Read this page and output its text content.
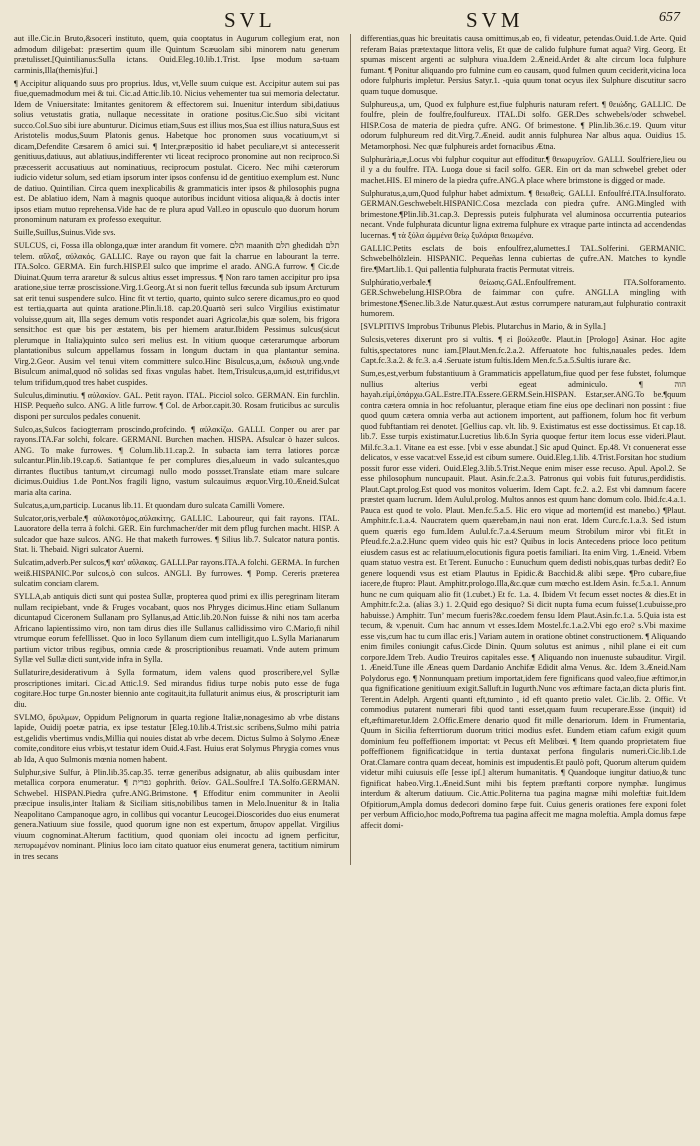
SVL	SVM	657

aut ille.Cic.in Bruto,&socerì instituto, quem, quia cooptatus in Augurum collegium erat, non admodum diligebat: præsertim quum ille Quintum Scæuolam sibi minorem natu generum prætulisset.[Quintilianus:Sulla ictans. Ouid.Eleg.10.lib.1.Trist. Ipse modum sa-tuam carminis,Illa(themis)fui.]

¶ Accipitur aliquando suus pro proprius. Idus, vt,Velle suum cuique est. Accipitur autem sui pas fiue,quemadmodum mei & tui. Cic.ad Attic.lib.10. Nicius vehementer tua sui memoria delectatur. Idem de Vniuersitate: Imitantes genitorem & effectorem sui. Inuenitur interdum sibi,datiuus solius vetustatis gratia, nullaque necessitate in oratione positus.Cic.Suo sibi vicitant succo.Col.Suo sibi iure abunturur. Dicimus etiam,Suus est illius mos,Sua est illius natura,Suus est Aristotelis modus,Suum Platonis genus. Habetque hoc pronomen suus vocatiuum,vt si dicam,Defendite Cæsarem ô amici sui. ¶ Inter,præpositio id habet peculiare,vt si antecesserit genitiuus,datiuus, aut ablatiuus,indifferenter vti liceat reciproco pronomine aut non reciproco.Si præcesserit accusatiuus aut nominatiuus, reciprocum postulat. Cicero. Nec mihi cæterorum iudicio videtur solum, sed etiam ipsorum inter ipsos confensu id de gentitiuo exemplum est. Nunc de datiuo. Quintilian. Circa quem inexplicabilis & grammaticis inter ipsos & philosophis pugna est. De ablatiuo idem, Nam à magnis quoque autoribus incidunt vitiosa aliqua,& à doctis inter ipsos etiam mutuo reprehensa.Vide hac de re plura apud Vall.eo in opusculo quo duorum horum pronominum naturam ex professo exequitur.

Suille,Suillus,Suinus.Vide svs.

SULCUS, ci, Fossa illa oblonga,quæ inter arandum fit vomere. תלם maanith תלם ghedidah תלם telem. αὔλαξ, αὐλακός. GALLIC. Raye ou rayon que fait la charrue en labourant la terre. ITA.Solco. GERMA. Ein furch.HISP.El sulco que imprime el arado. ANG.A furrow. ¶ Cic.de Diuinat.Quum terra araretur & sulcus altius esset impressus. ¶ Non raro tamen accipitur pro ipsa aratione,siue terræ proscissione.Virg.1.Georg.At si non fuerit tellus fœcunda sub ipsum Arcturum sat erit tenui suspendere sulco. Hinc fit vt tertio, quarto, quinto sulco serere dicamus,pro eo quod est tertia,quarta aut quinta aratione.Plin.li.18. cap.20.Quartò seri sulco Virgilius existimatur voluisse,quum ait, Illa seges demum votis respondet auari Agricolæ,bis quæ solem, bis frigora sensit:hoc est quæ bis per æstatem, bis per hiemem aratur.Ibidem Pessimus sulcus(sicut plerumque in Italia)quinto sulco seri melius est. In vitium quoque cæterarumque arborum plantationibus sulcum appellamus fossam in longum ductam in qua plantantur semina. Virg.2.Geor. Ausim vel tenui vitem committere sulco.Hinc Bisulcus,a,um, ἐκδισυλ ung.vnde Bisulcum animal,quod nō solidas sed fixas vngulas habet. Item,Trisulcus,a,um,id est,trifidus,vt telum trifidum,quod tres habet cuspides.

Sulculus,diminutiu. ¶ αὐλακίον. GAL. Petit rayon. ITAL. Picciol solco. GERMAN. Ein furchlin. HISP. Pequeño sulco. ANG. A litle furrow. ¶ Col. de Arbor.capit.30. Rosam fruticibus ac surculis disponi per surculos pedales conuenit.

Sulco,as,Sulcos faciogterram proscindo,profcindo. ¶ αὐλακίζω. GALLI. Conper ou arer par rayons.ITA.Far solchi, folcare. GERMANI. Burchen machen. HISPA. Afsulcar ò hazer sulcos. ANG. To make furrowes. ¶ Colum.lib.11.cap.2. In subacta iam terra latiores porcæ sulcantur.Plin.lib.19.cap.6. Satiantque fe per complures dies,alueum in vado sulcantes,quo dirrantes fluctibus tantum,vt circumagi nullo modo possset.Translate etiam mare sulcare dicimus.Ouidius 1.de Pont.Nos fragili ligno, vastum sulcauimus æquor.Virg.10.Æneid.Sulcat maria alta carina.

Sulcatus,a,um,particip. Lucanus lib.11. Et quondam duro sulcata Camilli Vomere.

Sulcator,oris,verbale.¶ αὐλακοτὁμος,αὐλακίτης. GALLIC. Laboureur, qui fait rayons. ITAL. Lauoratore della terra à folchi. GER. Ein furchmacher/der mit dem pflug furchen macht. HISP. A sulcador que haze sulcos. ANG. He that maketh furrowes. ¶ Silius lib.7. Sulcator natura pontis. Stat. li. Thebaid. Nigri sulcator Auerni.

Sulcatim,adverb.Per sulcos,¶ κατ' αὔλακας. GALLI.Par rayons.ITA.A folchi. GERMA. In furchen weiß.HISPANIC.Por sulcos,ò con sulcos. ANGLI. By furrowes. ¶ Pomp. Cereris præterea sulcatim conciam clarem.

SYLLA,ab antiquis dicti sunt qui postea Sullæ, propterea quod primi ex illis peregrinam literam nullam recipiebant, vnde & Fruges vocabant, quos nos Phryges dicimus.Hinc etiam Sullanum dicuntapud Ciceronem Sullanam pro Syllanus,ad Attic.lib.20.Non fuisse & nihi nos tam acerba Africano lapientissimo viro, non tam dirus dies ille Sullanus callidissimo viro C.Mario,fi nihil vtrumque eorum fefelllisset. Quo in loco Syllanum diem cum intelligit,quo L.Sylla Marianarum partium victor tribus regibus, omnia cæde & proscriptionibus reuamati. Vnde autem primum Syllæ vel Sullæ dicti sunt,vide infra in Sylla.

Sullaturire,desiderativum à Sylla formatum, idem valens quod proscribere,vel Syllæ proscriptiones imitari. Cic.ad Attic.l.9. Sed mirandus fidius turpe nobis puto esse de fuga cogitare.Hoc turpe Gn.noster biennio ante cogitauit,ita fullaturit animus eius, & proscripturit iam diu.

SVLMO, ὄρυλμων, Oppidum Pelignorum in quarta regione Italiæ,nonagesimo ab vrbe distans lapide, Ouidij poetæ patria, ex ipse testatur [Eleg.10.lib.4.Trist.sic scribens,Sulmo mihi patria est,gelidis vbertimus vndis,Millia qui nouies distat ab vrbe decem. Dictus Sulmo à Solymo Æneæ comite,conditore eius vrbis,vt testatur idem Ouid.4.Fast. Huius erat Solymus Phrygia comes vnus ab Ida, A quo Sulmonis mœnia nomen habent.

Sulphur,sive Sulfur, à Plin.lib.35.cap.35. terræ generibus adsignatur, ab aliis quibusdam inter metallica corpora enumeratur. ¶ גפרית gophrith. θεῖον. GAL.Soulfre.I TA.Solfo.GERMAN. Schwebel. HISPAN.Piedra çufre.ANG.Brimstone. ¶ Effoditur enim communiter in Aeolii præcipue insulis,inter Italiam & Siciliam sitis,nobilibus tamen in Melo.Inuenitur & in Italia Neapolitano Campanoque agro, in collibus qui vocantur Leucogei.Dioscorides duo eius enumerat genera.Natiuum siue fossile, quod quorum igne non est expertum, ἄπυρον appellat. Virgilius viuum cognominat.Alterum factitium, quod quoniam olei incoctu ad ignem perficitur, πεπυρωμένον nominant. Plinius loco iam citato quatuor eius enumerat genera, tactitium nimirum in tres secans

differentias,quas hic breuitatis causa omittimus,ab eo, fi videatur, petendas.Ouid.1.de Arte. Quid referam Baias prætextaque littora velis, Et quæ de calido fulphure fumat aqua? Virg. Georg. Et spumas miscent argenti ac sulphura viua.Idem 2.Æneid.Ardet & alte circum loca fulphure fumant. ¶ Ponitur aliquando pro fulmine cum eo causam, quod fulmen quum ceciderit,vicina loca odore fulphuris impletur. Persius Satyr.1. -quia quum tonat ocyus ilex Sulphure discutitur sacro quam tuque domusque.

Sulphureus,a, um, Quod ex fulphure est,fiue fulphuris naturam refert. ¶ θειώδης. GALLIC. De foulfre, plein de foulfre,foulfureux. ITAL.Di solfo. GER.Des schwebels/oder schwebel. HISP.Cosa de materia de piedra çufre. ANG. Of brimestone. ¶ Plin.lib.36.c.19. Quum vitur odorum fulphureum red dit.Virg.7.Æneid. audit annis fulphurea Nar albus aqua. Ouidius 15. Metamorphosi. Nec quæ fulphureis ardet fornacibus Ætna.

Sulphurària,æ,Locus vbi fulphur coquitur aut effoditur.¶ θειωρυχεῖον. GALLI. Soulfriere,lieu ou il y a du foulfre. ITA. Luoga doue si facil solfo. GER. Ein ort da man schwebel grebet oder machet.HIS. El minero de la piedra çufre.ANG.A place where brimstone is digged or made.

Sulphuratus,a,um,Quod fulphur habet admixtum. ¶ θειωθεὶς. GALLI. Enfoulfré.ITA.Insulforato. GERMAN.Geschwebelt.HISPANIC.Cosa mezclada con piedra çufre. ANG.Mingled with brimestone.¶Plin.lib.31.cap.3. Depressis puteis fulphurata vel aluminosa occurrentia putearios necant. Vnde fulphurata dicuntur ligna extrema fulphure ex vtraque parte intincta ad accendendas lucernas. ¶ τὰ ξύλα ὠμμένα θείῳ ξυλάρια θειωμένα.

GALLIC.Petits esclats de bois enfoulfrez,alumettes.I TAL.Solferini. GERMANIC. Schwebelhölzlein. HISPANIC. Pequeñas lenna cubiertas de çufre.AN. Matches to kyndle fire.¶Mart.lib.1. Qui pallentia fulphurata fractis Permutat vitreis.

Sulphúratio,verbale.¶ θείωσις.GAL.Enfoulfrement. ITA.Solforamento. GER.Schwebelung.HISP.Obra de faimmar con çufre. ANGLI.A mingling with brimestone.¶Senec.lib.3.de Natur.quæst.Aut æstus corrumpere naturam,aut fulphuratio contraxit humorem.

[SVLPITIVS Improbus Tribunus Plebis. Plutarchus in Mario, & in Sylla.]

Sulcsis,veteres dixerunt pro si vultis. ¶ εἰ βούλεσθε. Plaut.in [Prologo] Asinar. Hoc agite fultis,spectatores nunc iam.[Plaut.Men.fc.2.a.2. Afferuatote hoc fultis,nauales pedes. Idem Capt.fc.3.a.2. & fc.3. a.4 .Seruate istum fultis.Idem Men.fc.5.a.5.Sultis iurare &c.

Sum,es,est,verbum fubstantiuum à Grammaticis appellatum,fiue quod per fese fubstet, folumque nullius alterius verbi egeat adminiculo. ¶ הוה hayah.εἰμί,ὑπάρχω.GAL.Estre.ITA.Essere.GERM.Sein.HISPAN. Estar,ser.ANG.To be.¶quum contra cætera omnia in hoc refoluantur, pleraque etiam fine eius ope declinari non possint : fiue quod quum cætera omnia verba aut actionem importent, aut paffionem, folum hoc fit verbum quod fubftantiam rei denotet. [Gellius cap. vlt. lib. 9. Existimatus est esse doctissimus. Et cap.18. lib.7. Esse turpis existimatur.Lucretius lib.6.In Syria quoque fertur item locus esse videri.Plaut. Mil.fc.3.a.1. Vitane ea est esse. [vbi ν esse abundat.] Sic apud Quinct. Ep.48. Vt conuenerat esse delicatos, ν esse vacat:vel Esse,id est cibum sumere. Ouid.Eleg.1.lib. 4.Trist.Forsitan hoc studium possit furor esse videri. Ouid.Eleg.3.lib.5.Trist.Neque enim miser esse recuso. Apul. Apol.2. Se esse philosophum nuncupauit. Plaut. Asin.fc.2.a.3. Patronus qui vobis fuit futurus,perdidistis. Plaut.Capt.prolog.Est quod vos monitos voluerim. Idem Capt. fc.2. a.2. Est vbi damnum facere præstet quam lucrum. Idem Aulul.prolog. Multos annos est quum hanc domum colo. Ibid.fc.4.a.1. Pauca est quod te volo. Plaut. Men.fc.5.a.5. Hic ero vique ad mortem(id est manebo.) ¶Plaut. Amphitr.fc.1.a.4. Naucratem quem quærebam,in naui non erat. Idem Curc.fc.1.a.3. Sed istum quem quæris ego fum.Idem Aulul.fc.7.a.4.Seruum meum Strobilum miror vbi fit.Et in Pfeud.fc.2.a.2.Hunc quem video quis hic est? Quibus in locis Antecedens prioce loco petitum eiusdem casus est ac relatiuum,elocutionis figura poetis familiari. Ita enim Virg. 1.Æneid. Vrbem quam statuo vestra est. Et Terent. Eunucho : Eunuchum quem dedisti nobis,quas turbas dedit? Eo genere loquendi vsus est etiam Plautus in Epidic.& Bacchid.& alibi sæpe. ¶Pro cubare,fiue iacere,de ftupro: Plaut. Amphitr.prologo.Illa,&c.quæ cum mœcho est.Idem Asin. fc.5.a.1. Annum hunc ne cum quiquam alio fit (1.cubet.) Et fc. 1.a. 4. Ibidem Vt fecum esset noctes & dies.Et in Amphitr.fc.2.a. (alias 3.) 1. 2.Quid ego desiquo? Si dicit nupta fuma ecum fuisse(1.cubuisse,pro habuisse.) Amphitr. Tun’ mecum fueris?&c.coedem fensu Idem Plaut.Asin.fc.1.a. 5.Quia ista est tecum, & v.penuit. Cum hac annum vt esses.Idem Mostel.fc.1.a.2.Vbi ego ero? s.Vbi maxime esse vis,cum hac tu cum illac eris.] Variam autem in oratione obtinet constructionem. ¶ Aliquando enim fimiles coniungit cafus.Cicde Dinin. Quum solutus est animus , nihil plane ei eit cum corpore.Idem Treb. Audio Treuiros capitales esse. ¶ Aliquando non inuenuste subauditur. Virgil. 1. Æneid.Tune ille Æneas quem Dardanio Anchifæ Edidit alma Venus. &c. Idem 3.Æneid.Nam Polydorus ego. ¶ Nonnunquam pretium importat,idem fere fignificans quod valeo,fiue æftimor,in qua fignificatione genitiuum exigit.Salluft.in Iugurth.Nunc vos æftimare facta,an dicta pluris fint. Terent.in Adelph. Argenti quanti eft,tuminto , id eft quanto pretio valet. Cic.lib. 2. Offic. Vt commodius putarent numerari fibi quod tanti esset,quam fuum recuperare.Esse (inquit) id eft,æftimaretur.Idem 2.Offic.Emere denario quod fit mille denariorum. Idem in Frumentaria, Quum in Sicilia fefterrtiorum duorum tritici modius esfet. Eundem etiam cafum exigit quum dominium feu poffeffionem importat: vt Pecus eft Melibœi. ¶ Item quando proprietatem fiue poffeffionem fignificat:idque in tertia duntaxat perfona fingularis numeri.Cic.lib.1.de Orat.Clamare contra quam deceat, hominis est impudentis.Et paulò poft, Quorum alterum quidem videtur mihi cuiusuis eſſe [esse ipſ.] alterum humanitatis. ¶ Quandoque iungitur datiuo,& tunc fignificat habeo.Virg.1.Æneid.Sunt mihi bis feptem præftanti corpore nymphæ. Iungimus interdum & alterum datiuum. Cic.Attic.Politerna tua pagina magnæ mihi moleftiæ fuit.Idem Ofpitiorum,Ampla domus dedecori domino fæpe fuit. Cuius generis orationes fere exponi folet per verbum Afficio,hoc modo,Poftrema tua pagina affecit me magna moleftia. Ampla domus fæpe affecit domi-
